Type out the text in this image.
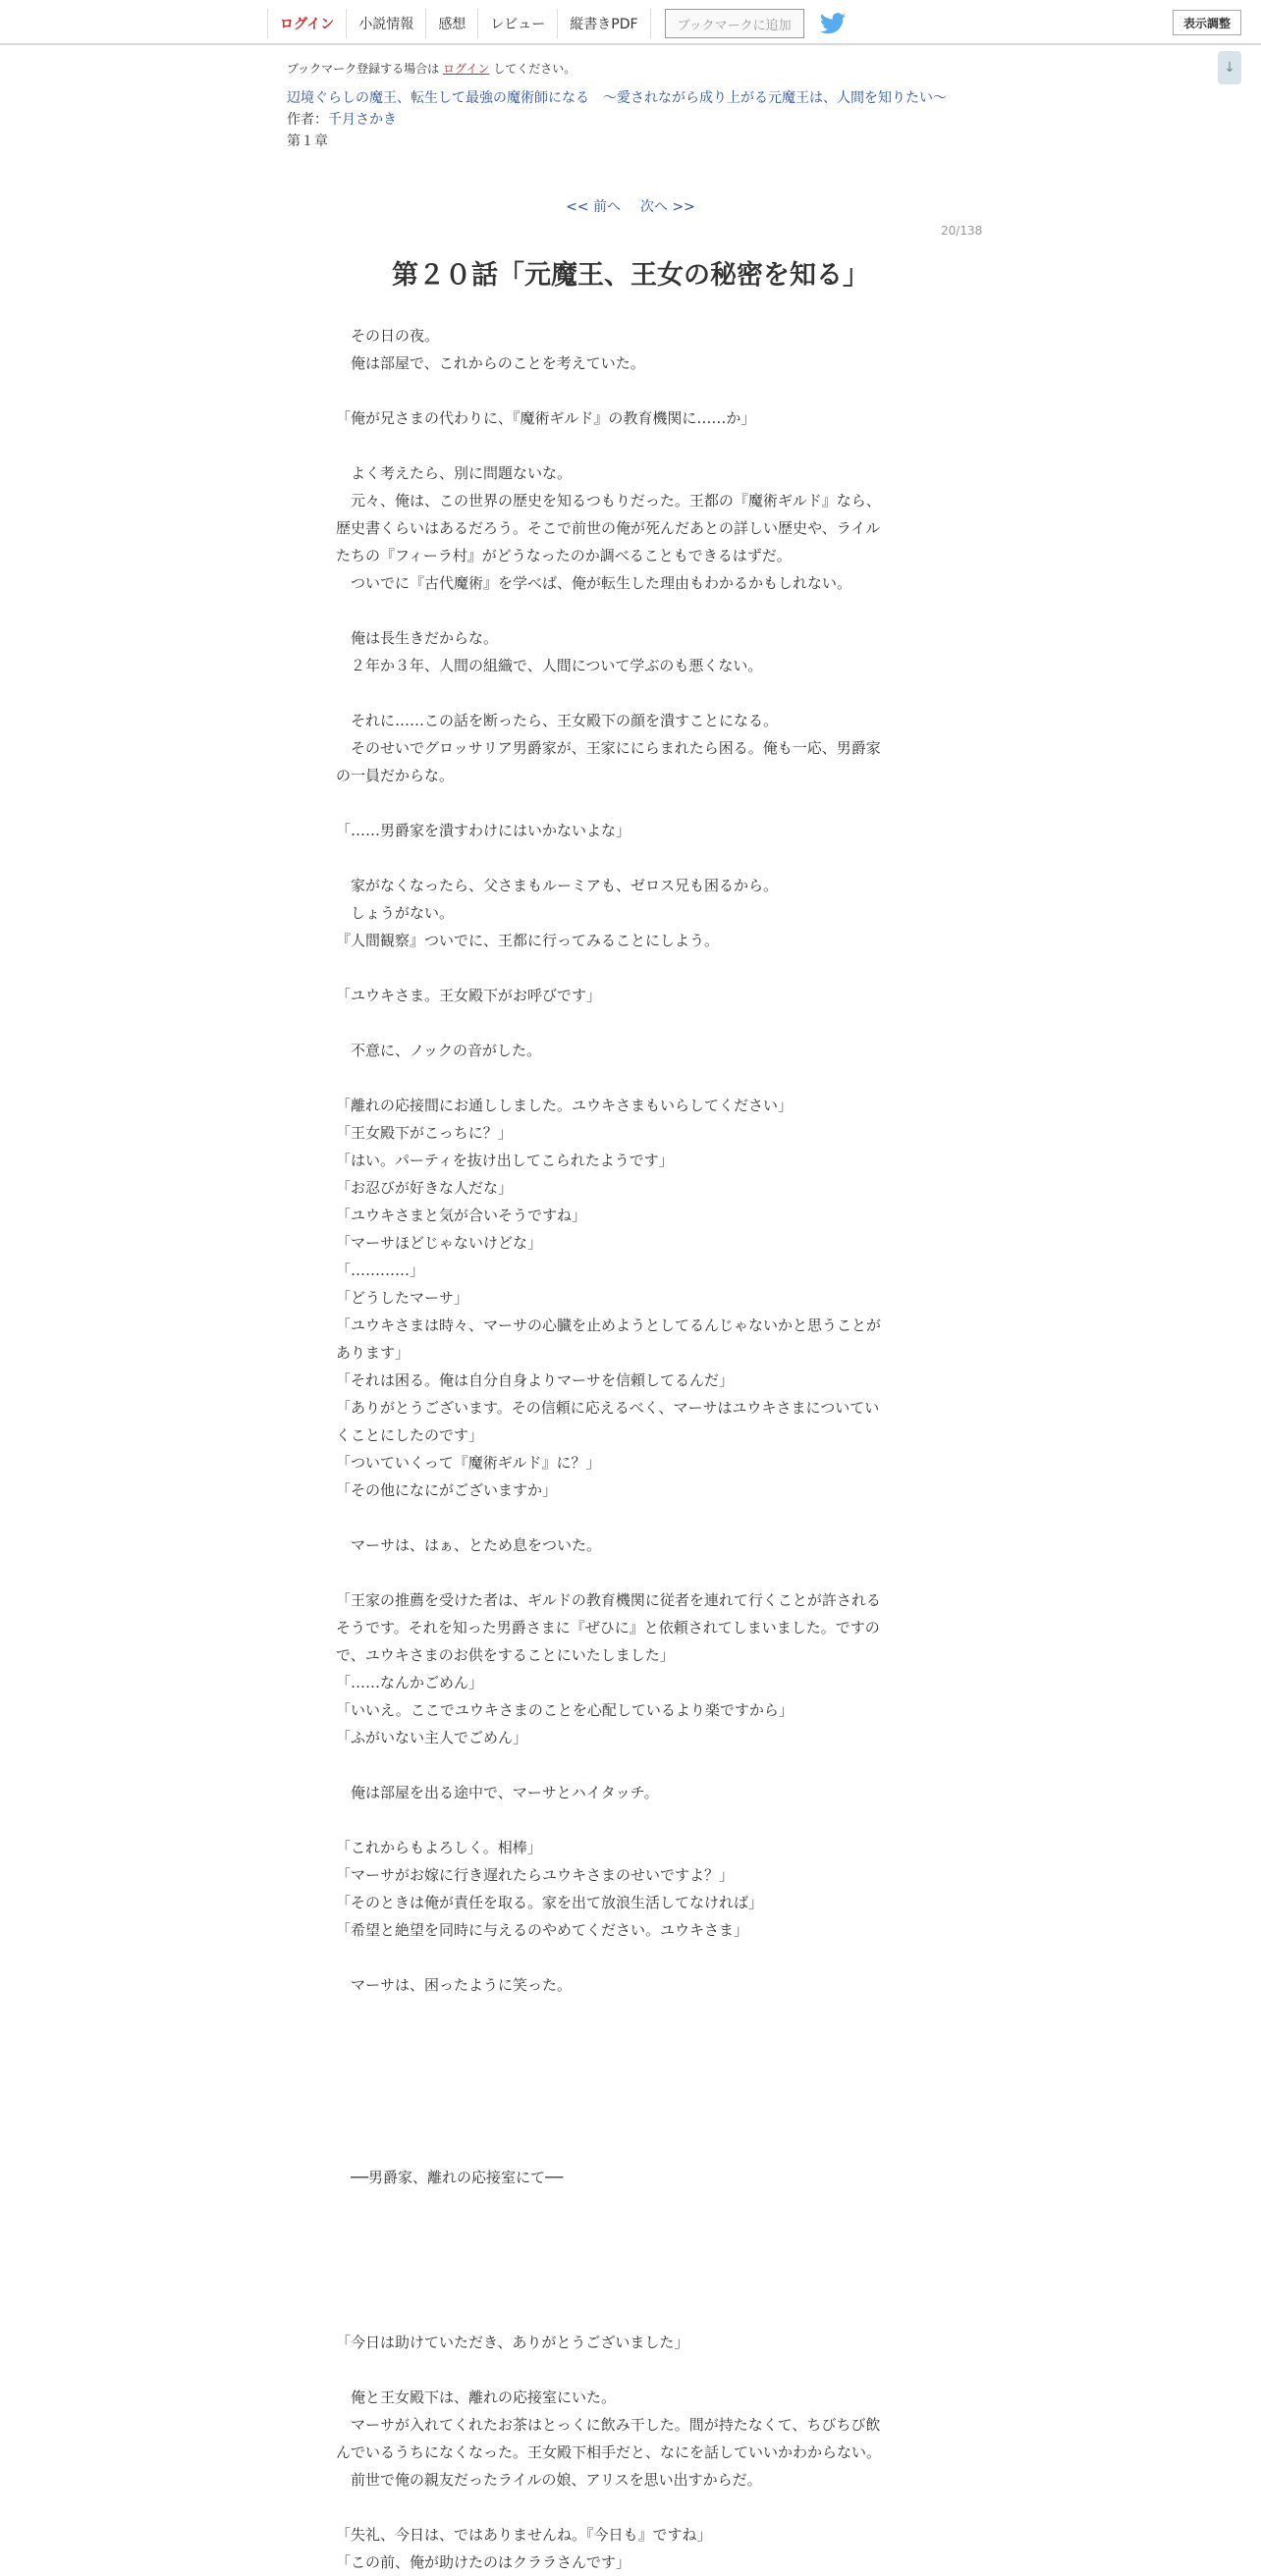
ログイン	小説情報	感想	レビュー	縦書きPDF	ブックマークに追加	表示調整
↓
ブックマーク登録する場合は ログイン してください。
辺境ぐらしの魔王、転生して最強の魔術師になる　〜愛されながら成り上がる元魔王は、人間を知りたい〜
作者：千月さかき
第１章
<< 前へ 次へ >>
20/138
第２０話「元魔王、王女の秘密を知る」

　その日の夜。

　俺は部屋で、これからのことを考えていた。

「俺が兄さまの代わりに、『魔術ギルド』の教育機関に……か」

　よく考えたら、別に問題ないな。

　元々、俺は、この世界の歴史を知るつもりだった。王都の『魔術ギルド』なら、

歴史書くらいはあるだろう。そこで前世の俺が死んだあとの詳しい歴史や、ライル

たちの『フィーラ村』がどうなったのか調べることもできるはずだ。

　ついでに『古代魔術』を学べば、俺が転生した理由もわかるかもしれない。

　俺は長生きだからな。

　２年か３年、人間の組織で、人間について学ぶのも悪くない。

　それに……この話を断ったら、王女殿下の顔を潰すことになる。

　そのせいでグロッサリア男爵家が、王家ににらまれたら困る。俺も一応、男爵家

の一員だからな。

「……男爵家を潰すわけにはいかないよな」

　家がなくなったら、父さまもルーミアも、ゼロス兄も困るから。

　しょうがない。

『人間観察』ついでに、王都に行ってみることにしよう。

「ユウキさま。王女殿下がお呼びです」

　不意に、ノックの音がした。

「離れの応接間にお通ししました。ユウキさまもいらしてください」

「王女殿下がこっちに？」

「はい。パーティを抜け出してこられたようです」

「お忍びが好きな人だな」

「ユウキさまと気が合いそうですね」

「マーサほどじゃないけどな」

「…………」

「どうしたマーサ」

「ユウキさまは時々、マーサの心臓を止めようとしてるんじゃないかと思うことが

あります」

「それは困る。俺は自分自身よりマーサを信頼してるんだ」

「ありがとうございます。その信頼に応えるべく、マーサはユウキさまについてい

くことにしたのです」

「ついていくって『魔術ギルド』に？」

「その他になにがございますか」

　マーサは、はぁ、とため息をついた。

「王家の推薦を受けた者は、ギルドの教育機関に従者を連れて行くことが許される

そうです。それを知った男爵さまに『ぜひに』と依頼されてしまいました。ですの

で、ユウキさまのお供をすることにいたしました」

「……なんかごめん」

「いいえ。ここでユウキさまのことを心配しているより楽ですから」

「ふがいない主人でごめん」

　俺は部屋を出る途中で、マーサとハイタッチ。

「これからもよろしく。相棒」

「マーサがお嫁に行き遅れたらユウキさまのせいですよ？」

「そのときは俺が責任を取る。家を出て放浪生活してなければ」

「希望と絶望を同時に与えるのやめてください。ユウキさま」

　マーサは、困ったように笑った。

　──男爵家、離れの応接室にて──

「今日は助けていただき、ありがとうございました」

　俺と王女殿下は、離れの応接室にいた。

　マーサが入れてくれたお茶はとっくに飲み干した。間が持たなくて、ちびちび飲

んでいるうちになくなった。王女殿下相手だと、なにを話していいかわからない。

　前世で俺の親友だったライルの娘、アリスを思い出すからだ。

「失礼、今日は、ではありませんね。『今日も』ですね」

「この前、俺が助けたのはクララさんです」
